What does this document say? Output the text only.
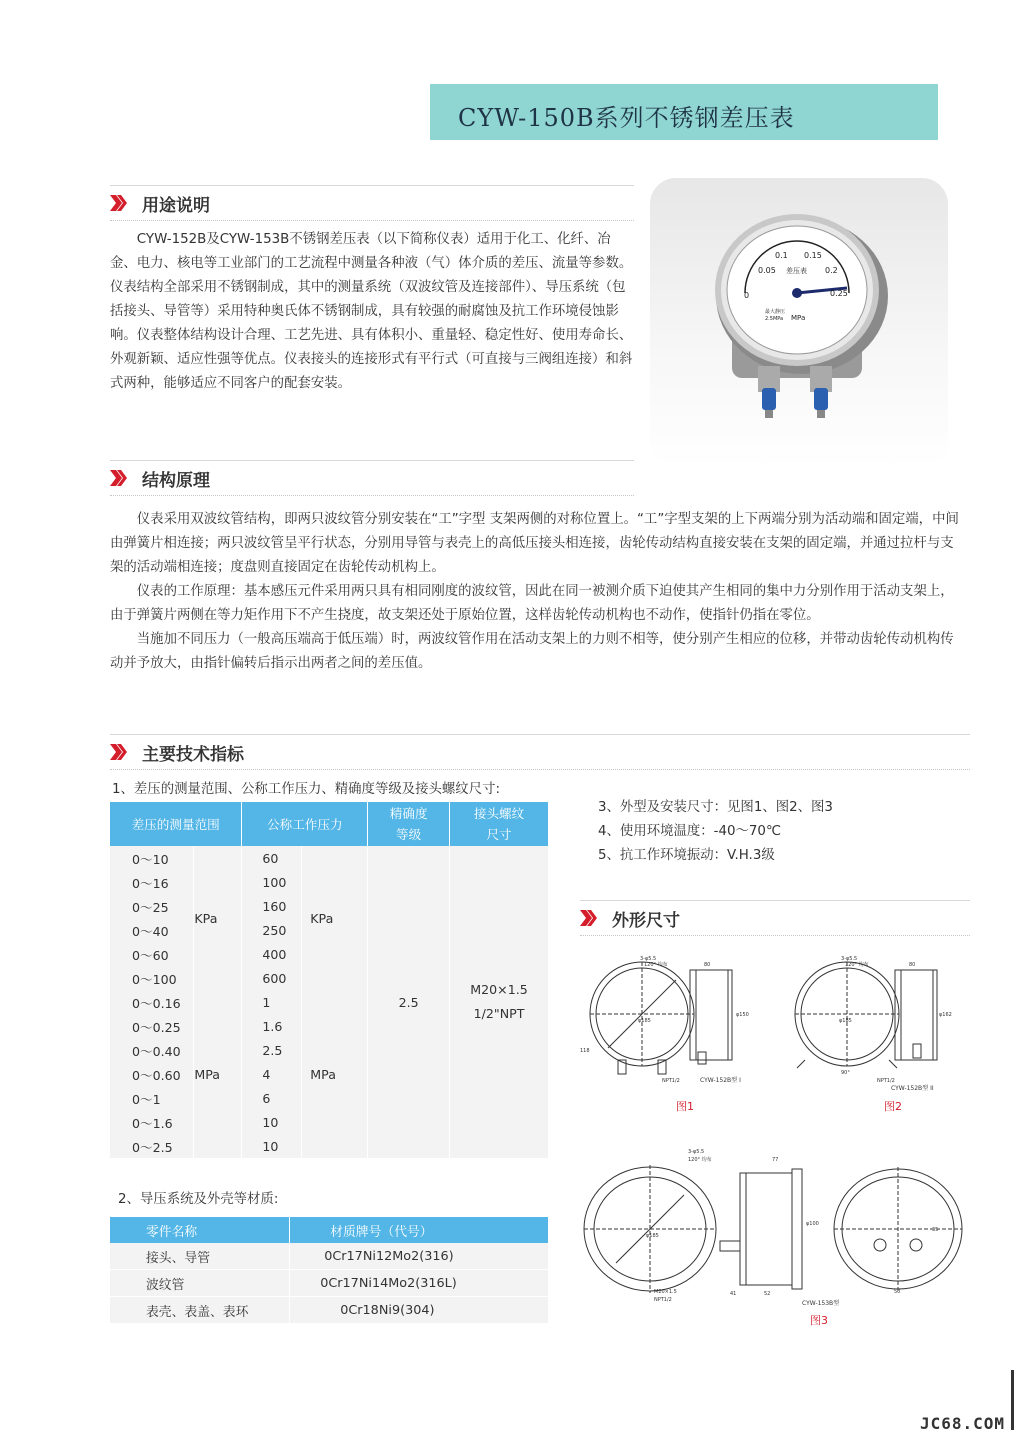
CYW-150B系列不锈钢差压表
用途说明

CYW-152B及CYW-153B不锈钢差压表（以下简称仪表）适用于化工、化纤、冶金、电力、核电等工业部门的工艺流程中测量各种液（气）体介质的差压、流量等参数。仪表结构全部采用不锈钢制成，其中的测量系统（双波纹管及连接部件）、导压系统（包括接头、导管等）采用特种奥氏体不锈钢制成，具有较强的耐腐蚀及抗工作环境侵蚀影响。仪表整体结构设计合理、工艺先进、具有体积小、重量轻、稳定性好、使用寿命长、外观新颖、适应性强等优点。仪表接头的连接形式有平行式（可直接与三阀组连接）和斜式两种，能够适应不同客户的配套安装。

0
0.05
0.1 0.15
0.2
0.25
差压表
最大静压
2.5MPa MPa
结构原理

仪表采用双波纹管结构，即两只波纹管分别安装在“工”字型 支架两侧的对称位置上。“工”字型支架的上下两端分别为活动端和固定端，中间由弹簧片相连接；两只波纹管呈平行状态，分别用导管与表壳上的高低压接头相连接，齿轮传动结构直接安装在支架的固定端，并通过拉杆与支架的活动端相连接；度盘则直接固定在齿轮传动机构上。

仪表的工作原理：基本感压元件采用两只具有相同刚度的波纹管，因此在同一被测介质下迫使其产生相同的集中力分别作用于活动支架上，由于弹簧片两侧在等力矩作用下不产生挠度，故支架还处于原始位置，这样齿轮传动机构也不动作，使指针仍指在零位。

当施加不同压力（一般高压端高于低压端）时，两波纹管作用在活动支架上的力则不相等，使分别产生相应的位移，并带动齿轮传动机构传动并予放大，由指针偏转后指示出两者之间的差压值。

主要技术指标
1、差压的测量范围、公称工作压力、精确度等级及接头螺纹尺寸:
差压的测量范围		公称工作压力		精确度
等级	接头螺纹
尺寸
0～10	KPa	60	KPa	2.5	M20×1.5
1/2"NPT
0～16		100			
0～25		160			
0～40		250			
0～60		400			
0～100		600			
0～0.16	MPa	1	MPa		
0～0.25		1.6			
0～0.40		2.5			
0～0.60		4			
0～1		6			
0～1.6		10			
0～2.5		10			
2、导压系统及外壳等材质:
零件名称	材质牌号（代号）
接头、导管	0Cr17Ni12Mo2(316)
波纹管	0Cr17Ni14Mo2(316L)
表壳、表盖、表环	0Cr18Ni9(304)
3、外型及安装尺寸：见图1、图2、图3
4、使用环境温度：-40～70℃
5、抗工作环境振动：V.H.3级
外形尺寸
3-φ5.5
120° 均布
φ185
80
φ150
118
NPT1/2	CYW-152B型 I
图1
3-φ5.5
120° 均布
φ185
80
φ162
90°
NPT1/2
CYW-152B型 II
图2
3-φ5.5
120° 均布
φ185
77
φ100
41	52	50
35
M20×1.5
NPT1/2	CYW-153B型
图3
JC68.COM
